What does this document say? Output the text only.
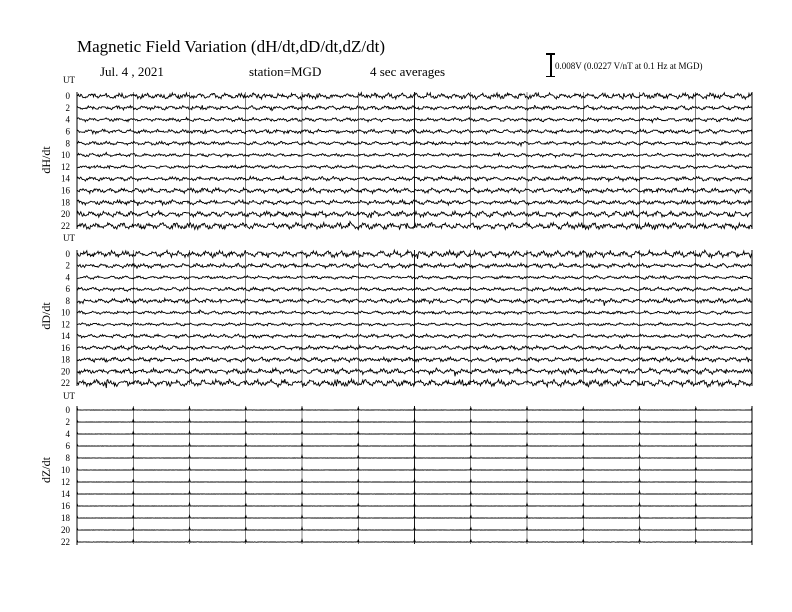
Magnetic Field Variation (dH/dt,dD/dt,dZ/dt)
Jul. 4 , 2021	station=MGD	4 sec averages	0.008V (0.0227 V/nT at 0.1 Hz at MGD)
UT
dH/dt
0
2
4
6
8
10
12
14
16
18
20
22
UT
dD/dt
0
2
4
6
8
10
12
14
16
18
20
22
UT
dZ/dt
0
2
4
6
8
10
12
14
16
18
20
22
